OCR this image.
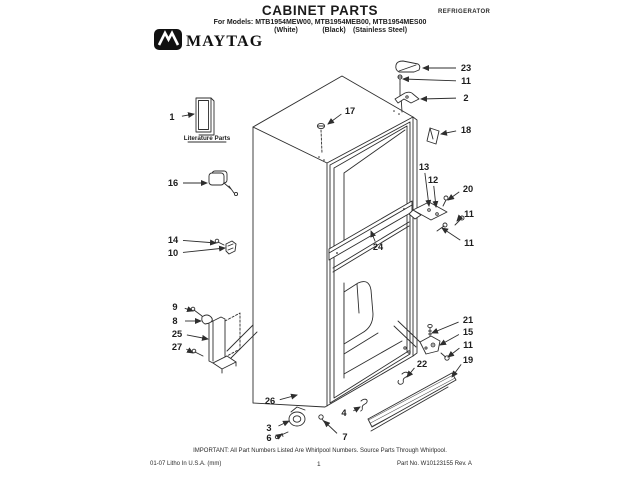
MAYTAG
CABINET PARTS
For Models: MTB1954MEW00, MTB1954MEB00, MTB1954MES00
(White)	(Black) (Stainless Steel)
REFRIGERATOR
Literature Parts
1
16
14
10
9
8
25
27
26
3
6	7
4
19
11
15
21
22
11
11
20
12
13
23
11
2
18
17
24
IMPORTANT: All Part Numbers Listed Are Whirlpool Numbers. Source Parts Through Whirlpool.
01-07 Litho In U.S.A. (mm)	1	Part No. W10123155 Rev. A
